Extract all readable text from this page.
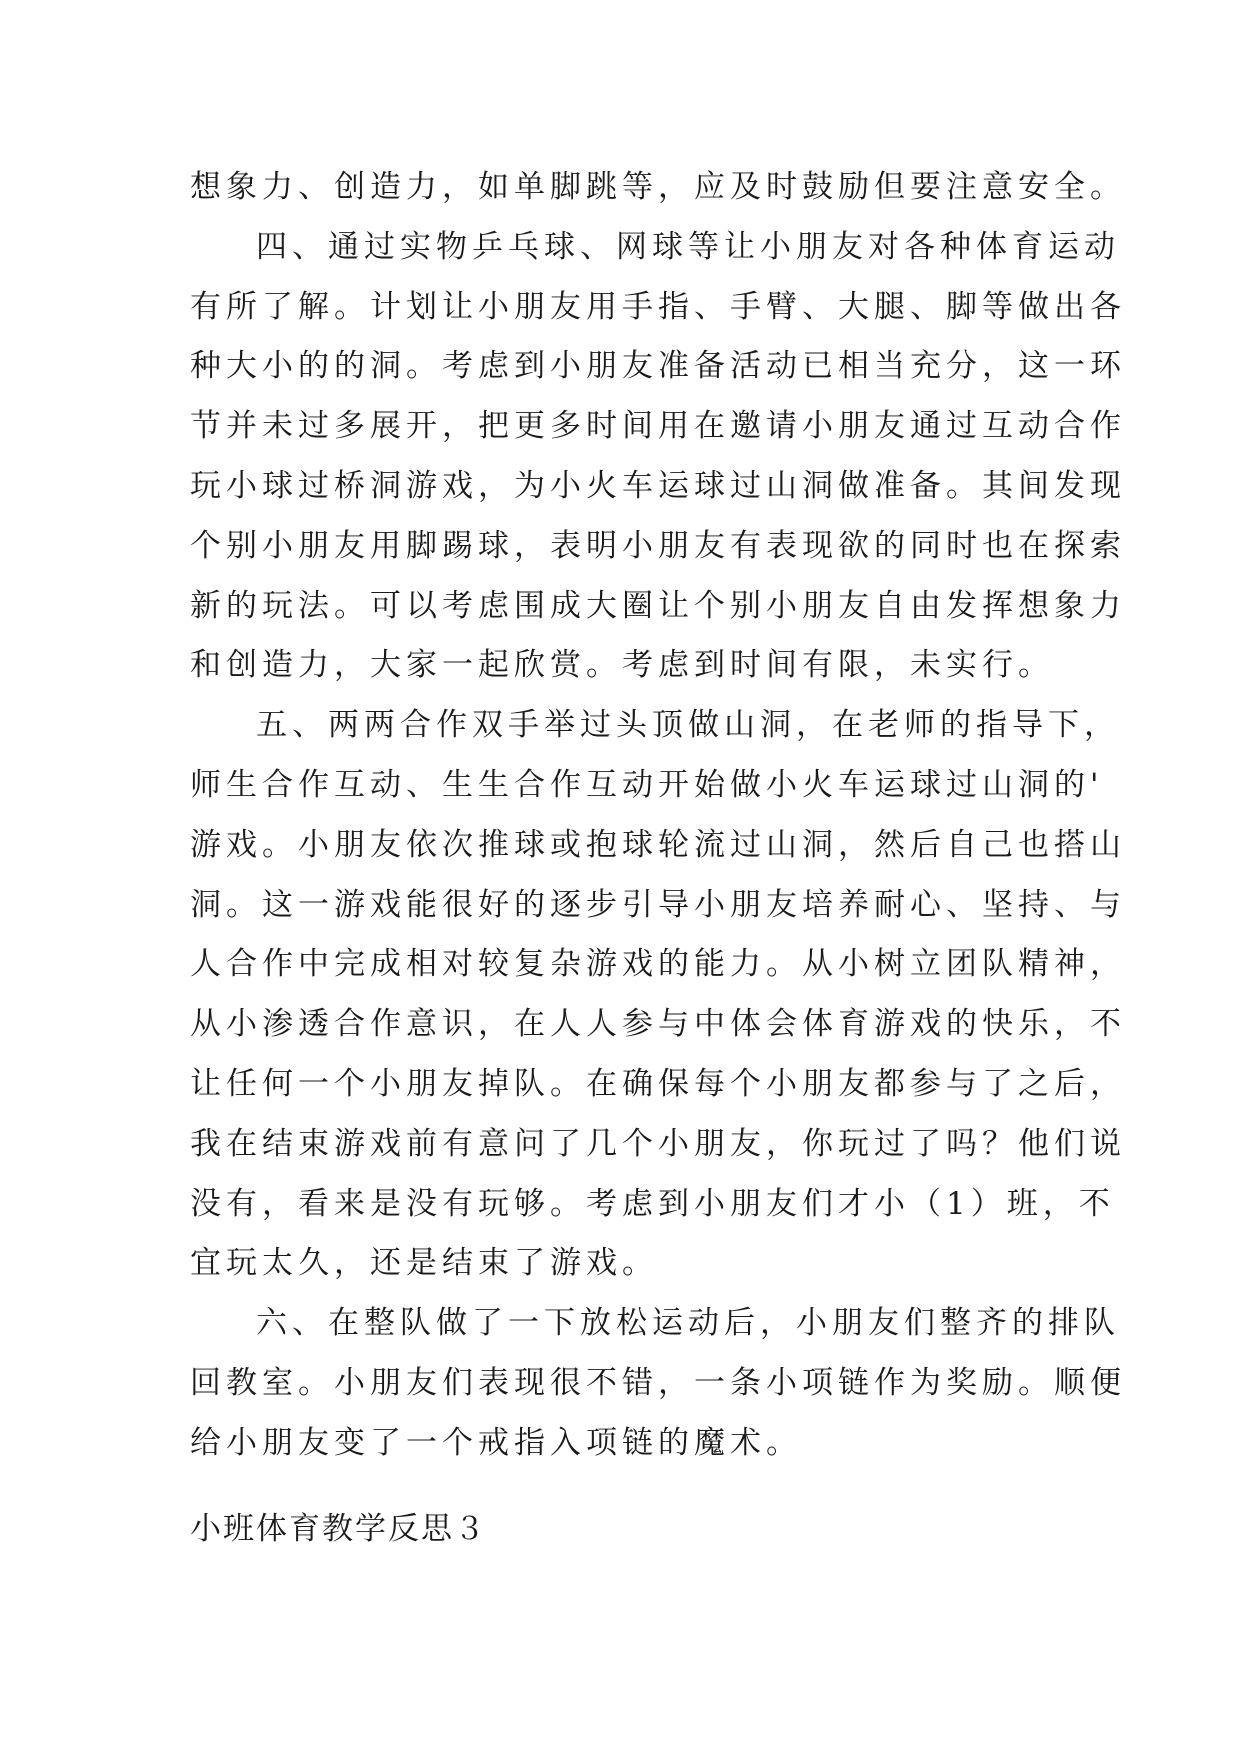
想象力、创造力，如单脚跳等，应及时鼓励但要注意安全。
四、通过实物乒乓球、网球等让小朋友对各种体育运动
有所了解。计划让小朋友用手指、手臂、大腿、脚等做出各
种大小的的洞。考虑到小朋友准备活动已相当充分，这一环
节并未过多展开，把更多时间用在邀请小朋友通过互动合作
玩小球过桥洞游戏，为小火车运球过山洞做准备。其间发现
个别小朋友用脚踢球，表明小朋友有表现欲的同时也在探索
新的玩法。可以考虑围成大圈让个别小朋友自由发挥想象力
和创造力，大家一起欣赏。考虑到时间有限，未实行。
五、两两合作双手举过头顶做山洞，在老师的指导下，
师生合作互动、生生合作互动开始做小火车运球过山洞的'
游戏。小朋友依次推球或抱球轮流过山洞，然后自己也搭山
洞。这一游戏能很好的逐步引导小朋友培养耐心、坚持、与
人合作中完成相对较复杂游戏的能力。从小树立团队精神，
从小渗透合作意识，在人人参与中体会体育游戏的快乐，不
让任何一个小朋友掉队。在确保每个小朋友都参与了之后，
我在结束游戏前有意问了几个小朋友，你玩过了吗？他们说
没有，看来是没有玩够。考虑到小朋友们才小（1）班，不
宜玩太久，还是结束了游戏。
六、在整队做了一下放松运动后，小朋友们整齐的排队
回教室。小朋友们表现很不错，一条小项链作为奖励。顺便
给小朋友变了一个戒指入项链的魔术。
小班体育教学反思３
